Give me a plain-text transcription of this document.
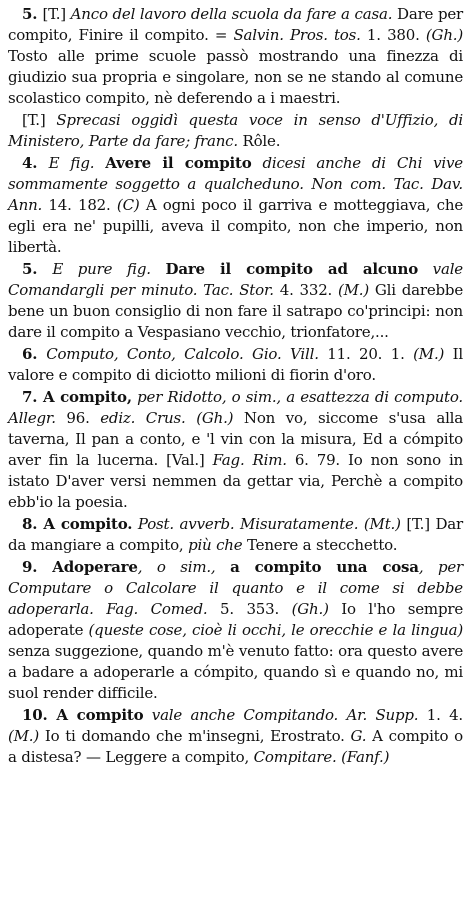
5. [T.] Anco del lavoro della scuola da fare a casa. Dare per compito, Finire il compito. = Salvin. Pros. tos. 1. 380. (Gh.) Tosto alle prime scuole passò mostrando una finezza di giudizio sua propria e singolare, non se ne stando al comune scolastico compito, nè deferendo a i maestri.
[T.] Sprecasi oggidì questa voce in senso d'Uffizio, di Ministero, Parte da fare; franc. Rôle.
4. E fig. Avere il compito dicesi anche di Chi vive sommamente soggetto a qualcheduno. Non com. Tac. Dav. Ann. 14. 182. (C) A ogni poco il garriva e motteggiava, che egli era ne' pupilli, aveva il compito, non che imperio, non libertà.
5. E pure fig. Dare il compito ad alcuno vale Comandargli per minuto. Tac. Stor. 4. 332. (M.) Gli darebbe bene un buon consiglio di non fare il satrapo co'principi: non dare il compito a Vespasiano vecchio, trionfatore,...
6. Computo, Conto, Calcolo. Gio. Vill. 11. 20. 1. (M.) Il valore e compito di diciotto milioni di fiorin d'oro.
7. A compito, per Ridotto, o sim., a esattezza di computo. Allegr. 96. ediz. Crus. (Gh.) Non vo, siccome s'usa alla taverna, Il pan a conto, e 'l vin con la misura, Ed a cómpito aver fin la lucerna. [Val.] Fag. Rim. 6. 79. Io non sono in istato D'aver versi nemmen da gettar via, Perchè a compito ebb'io la poesia.
8. A compito. Post. avverb. Misuratamente. (Mt.) [T.] Dar da mangiare a compito, più che Tenere a stecchetto.
9. Adoperare, o sim., a compito una cosa, per Computare o Calcolare il quanto e il come si debbe adoperarla. Fag. Comed. 5. 353. (Gh.) Io l'ho sempre adoperate (queste cose, cioè li occhi, le orecchie e la lingua) senza suggezione, quando m'è venuto fatto: ora questo avere a badare a adoperarle a cómpito, quando sì e quando no, mi suol render difficile.
10. A compito vale anche Compitando. Ar. Supp. 1. 4. (M.) Io ti domando che m'insegni, Erostrato. G. A compito o a distesa? — Leggere a compito, Compitare. (Fanf.)
